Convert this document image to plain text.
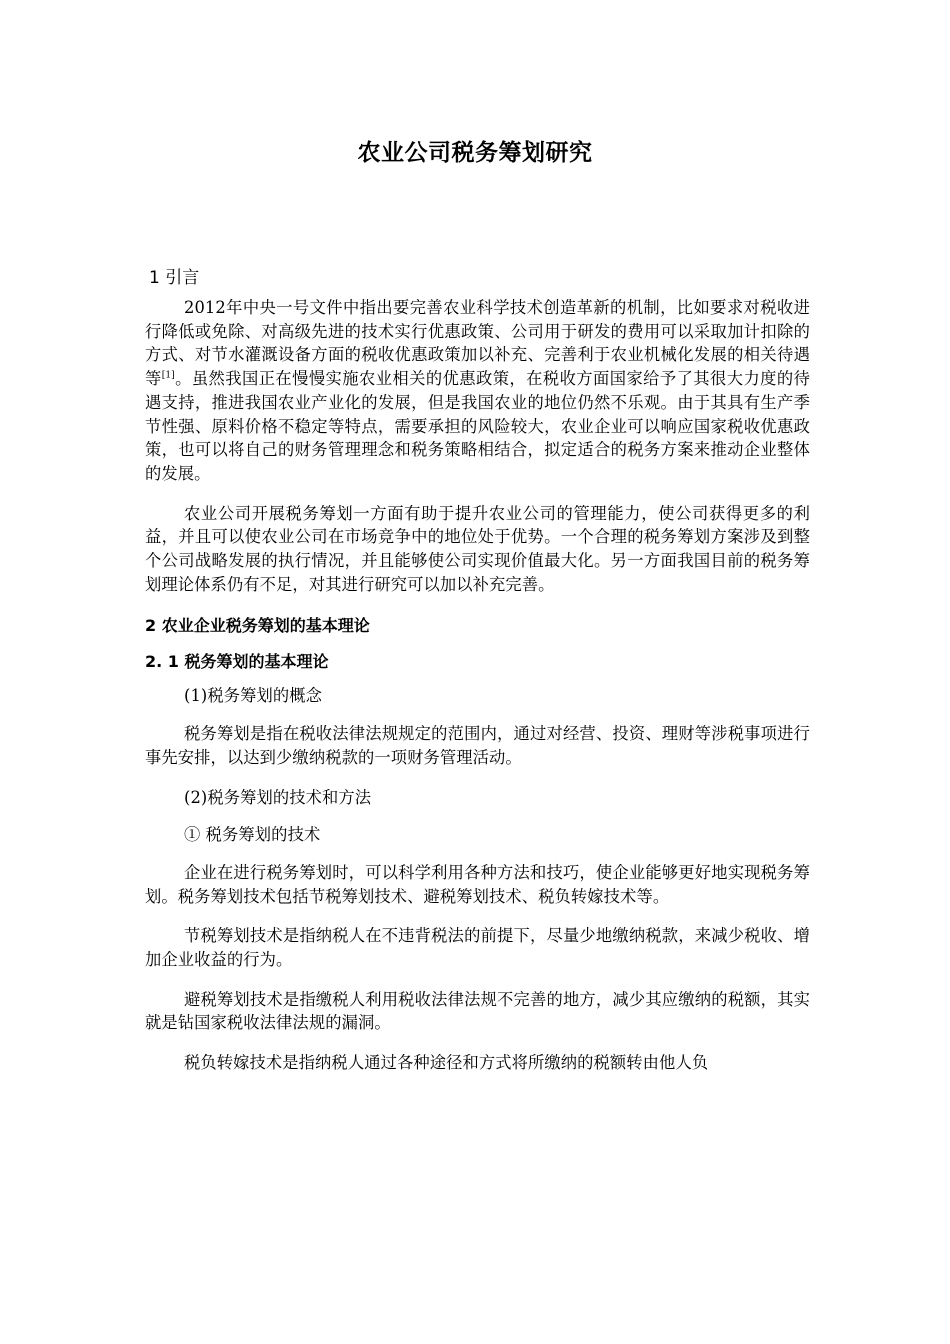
农业公司税务筹划研究
1 引言

2012年中央一号文件中指出要完善农业科学技术创造革新的机制，比如要求对税收进行降低或免除、对高级先进的技术实行优惠政策、公司用于研发的费用可以采取加计扣除的方式、对节水灌溉设备方面的税收优惠政策加以补充、完善利于农业机械化发展的相关待遇等[1]。虽然我国正在慢慢实施农业相关的优惠政策，在税收方面国家给予了其很大力度的待遇支持，推进我国农业产业化的发展，但是我国农业的地位仍然不乐观。由于其具有生产季节性强、原料价格不稳定等特点，需要承担的风险较大，农业企业可以响应国家税收优惠政策，也可以将自己的财务管理理念和税务策略相结合，拟定适合的税务方案来推动企业整体的发展。

农业公司开展税务筹划一方面有助于提升农业公司的管理能力，使公司获得更多的利益，并且可以使农业公司在市场竞争中的地位处于优势。一个合理的税务筹划方案涉及到整个公司战略发展的执行情况，并且能够使公司实现价值最大化。另一方面我国目前的税务筹划理论体系仍有不足，对其进行研究可以加以补充完善。

2 农业企业税务筹划的基本理论
2. 1 税务筹划的基本理论

(1)税务筹划的概念

税务筹划是指在税收法律法规规定的范围内，通过对经营、投资、理财等涉税事项进行事先安排，以达到少缴纳税款的一项财务管理活动。

(2)税务筹划的技术和方法

① 税务筹划的技术

企业在进行税务筹划时，可以科学利用各种方法和技巧，使企业能够更好地实现税务筹划。税务筹划技术包括节税筹划技术、避税筹划技术、税负转嫁技术等。

节税筹划技术是指纳税人在不违背税法的前提下，尽量少地缴纳税款，来减少税收、增加企业收益的行为。

避税筹划技术是指缴税人利用税收法律法规不完善的地方，减少其应缴纳的税额，其实就是钻国家税收法律法规的漏洞。

税负转嫁技术是指纳税人通过各种途径和方式将所缴纳的税额转由他人负
